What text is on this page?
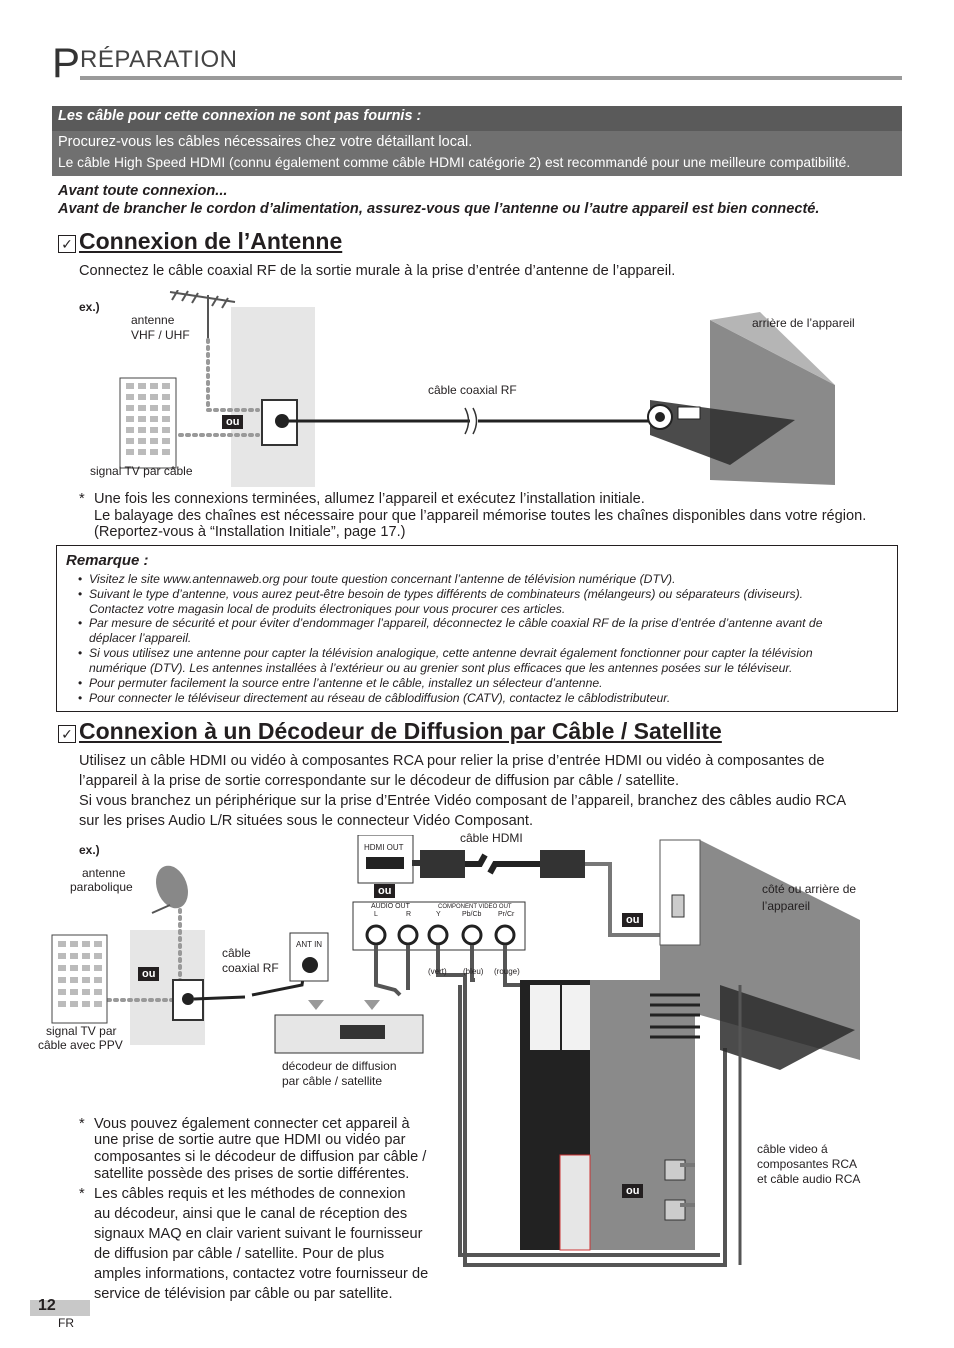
P RÉPARATION
Les câble pour cette connexion ne sont pas fournis :
Procurez-vous les câbles nécessaires chez votre détaillant local.
Le câble High Speed HDMI (connu également comme câble HDMI catégorie 2) est recommandé pour une meilleure compatibilité.
Avant toute connexion...
Avant de brancher le cordon d’alimentation, assurez-vous que l’antenne ou l’autre appareil est bien connecté.
✓ Connexion de l’Antenne
Connectez le câble coaxial RF de la sortie murale à la prise d’entrée d’antenne de l’appareil.
ex.)
antenne
VHF / UHF
ou
câble coaxial RF
signal TV par câble
arrière de l’appareil
* Une fois les connexions terminées, allumez l’appareil et exécutez l’installation initiale.
Le balayage des chaînes est nécessaire pour que l’appareil mémorise toutes les chaînes disponibles dans votre région.
(Reportez-vous à “Installation Initiale”, page 17.)
Remarque :
• Visitez le site www.antennaweb.org pour toute question concernant l’antenne de télévision numérique (DTV).
• Suivant le type d’antenne, vous aurez peut-être besoin de types différents de combinateurs (mélangeurs) ou séparateurs (diviseurs).
Contactez votre magasin local de produits électroniques pour vous procurer ces articles.
• Par mesure de sécurité et pour éviter d’endommager l’appareil, déconnectez le câble coaxial RF de la prise d’entrée d’antenne avant de
déplacer l’appareil.
• Si vous utilisez une antenne pour capter la télévision analogique, cette antenne devrait également fonctionner pour capter la télévision
numérique (DTV). Les antennes installées à l’extérieur ou au grenier sont plus efficaces que les antennes posées sur le téléviseur.
• Pour permuter facilement la source entre l’antenne et le câble, installez un sélecteur d’antenne.
• Pour connecter le téléviseur directement au réseau de câblodiffusion (CATV), contactez le câblodistributeur.
✓ Connexion à un Décodeur de Diffusion par Câble / Satellite
Utilisez un câble HDMI ou vidéo à composantes RCA pour relier la prise d’entrée HDMI ou vidéo à composantes de
l’appareil à la prise de sortie correspondante sur le décodeur de diffusion par câble / satellite.
Si vous branchez un périphérique sur la prise d’Entrée Vidéo composant de l’appareil, branchez des câbles audio RCA
sur les prises Audio L/R situées sous le connecteur Vidéo Composant.
ex.)
antenne
parabolique
signal TV par
câble avec PPV
ou
câble
coaxial RF
ANT IN
HDMI OUT
câble HDMI
ou
AUDIO OUT
L	R
COMPONENT VIDEO OUT
Y	Pb/Cb Pr/Cr
(vert) (bleu) (rouge)
décodeur de diffusion
par câble / satellite
côté ou arrière de
l’appareil
ou
ou
câble video á
composantes RCA
et câble audio RCA
* Vous pouvez également connecter cet appareil à
une prise de sortie autre que HDMI ou vidéo par
composantes si le décodeur de diffusion par câble /
satellite possède des prises de sortie différentes.
* Les câbles requis et les méthodes de connexion
au décodeur, ainsi que le canal de réception des
signaux MAQ en clair varient suivant le fournisseur
de diffusion par câble / satellite. Pour de plus
amples informations, contactez votre fournisseur de
service de télévision par câble ou par satellite.
12
FR
